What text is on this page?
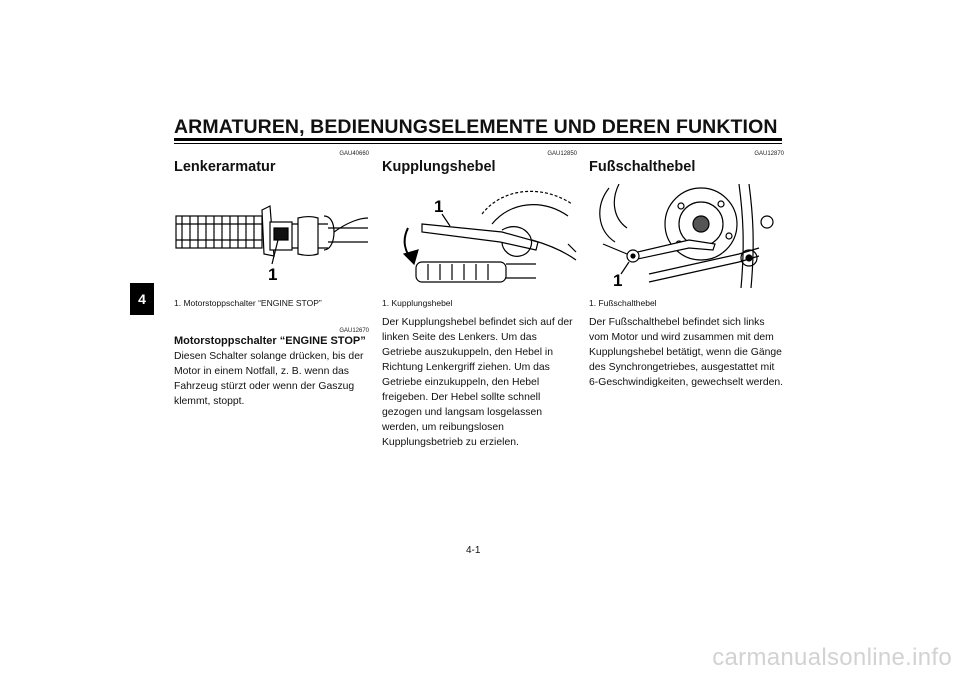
ARMATUREN, BEDIENUNGSELEMENTE UND DEREN FUNKTION
4
GAU40660
Lenkerarmatur
1
1. Motorstoppschalter “ENGINE STOP”
GAU12670
Motorstoppschalter “ENGINE STOP”
Diesen Schalter solange drücken, bis der Motor in einem Notfall, z. B. wenn das Fahrzeug stürzt oder wenn der Gaszug klemmt, stoppt.
GAU12850
Kupplungshebel
1
1. Kupplungshebel
Der Kupplungshebel befindet sich auf der linken Seite des Lenkers. Um das Getriebe auszukuppeln, den Hebel in Richtung Lenkergriff ziehen. Um das Getriebe einzukuppeln, den Hebel freigeben. Der Hebel sollte schnell gezogen und langsam losgelassen werden, um reibungslosen Kupplungsbetrieb zu erzielen.
GAU12870
Fußschalthebel
1
1. Fußschalthebel
Der Fußschalthebel befindet sich links vom Motor und wird zusammen mit dem Kupplungshebel betätigt, wenn die Gänge des Synchrongetriebes, ausgestattet mit 6-Geschwindigkeiten, gewechselt werden.
4-1
carmanualsonline.info
